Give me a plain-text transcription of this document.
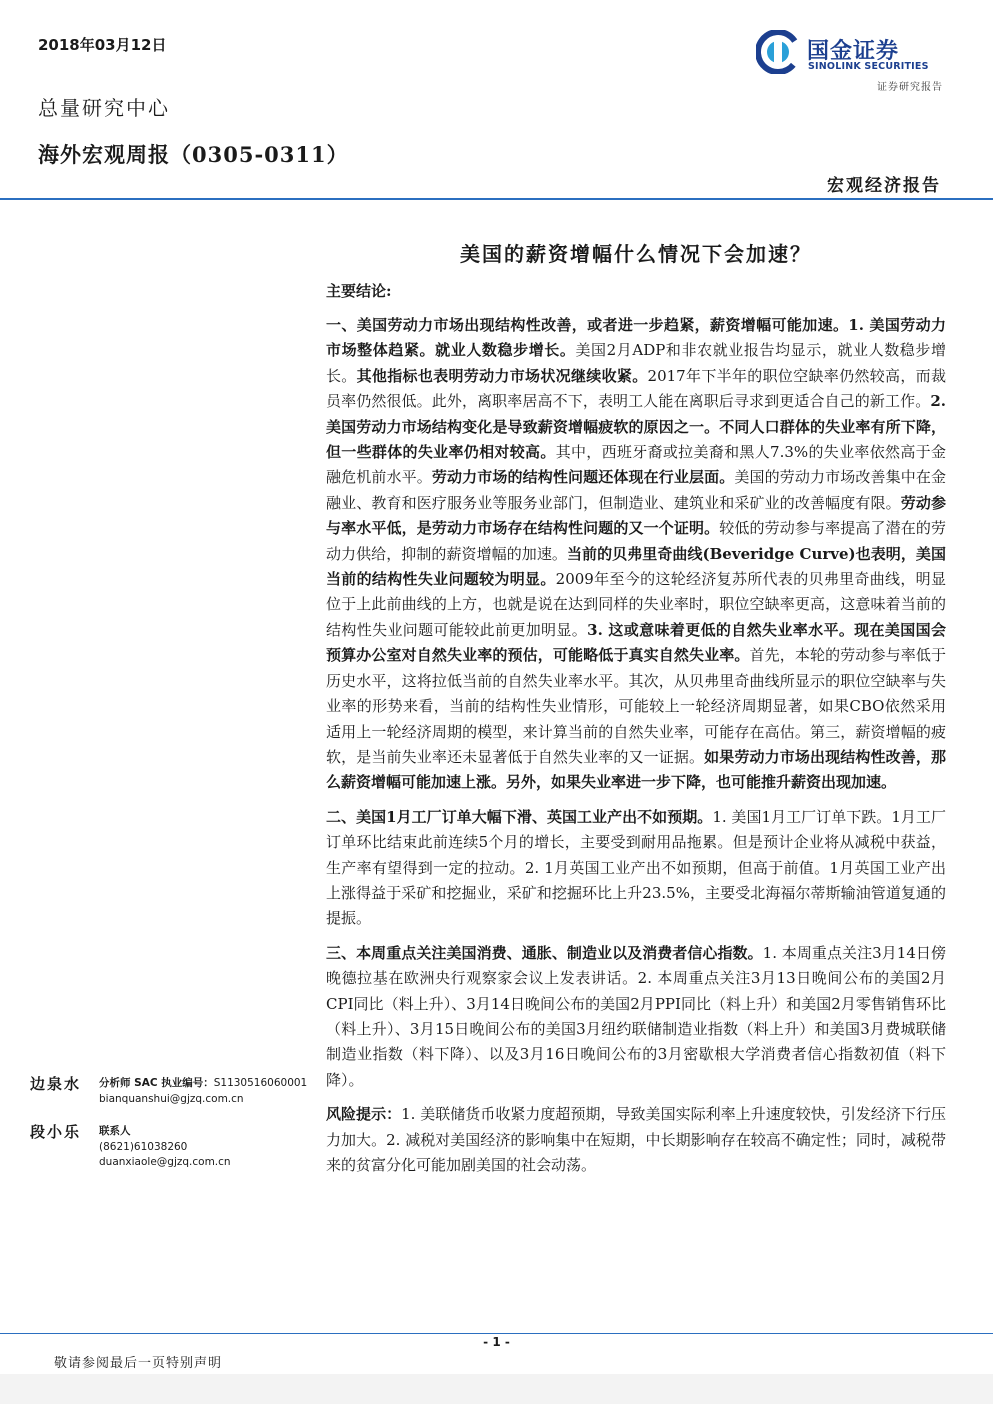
2018年03月12日
总量研究中心
海外宏观周报（0305-0311）
国金证券
SINOLINK SECURITIES
证券研究报告
宏观经济报告
美国的薪资增幅什么情况下会加速？
主要结论:

一、美国劳动力市场出现结构性改善，或者进一步趋紧，薪资增幅可能加速。1. 美国劳动力市场整体趋紧。就业人数稳步增长。美国2月ADP和非农就业报告均显示，就业人数稳步增长。其他指标也表明劳动力市场状况继续收紧。2017年下半年的职位空缺率仍然较高，而裁员率仍然很低。此外，离职率居高不下，表明工人能在离职后寻求到更适合自己的新工作。2. 美国劳动力市场结构变化是导致薪资增幅疲软的原因之一。不同人口群体的失业率有所下降，但一些群体的失业率仍相对较高。其中，西班牙裔或拉美裔和黑人7.3%的失业率依然高于金融危机前水平。劳动力市场的结构性问题还体现在行业层面。美国的劳动力市场改善集中在金融业、教育和医疗服务业等服务业部门，但制造业、建筑业和采矿业的改善幅度有限。劳动参与率水平低，是劳动力市场存在结构性问题的又一个证明。较低的劳动参与率提高了潜在的劳动力供给，抑制的薪资增幅的加速。当前的贝弗里奇曲线(Beveridge Curve)也表明，美国当前的结构性失业问题较为明显。2009年至今的这轮经济复苏所代表的贝弗里奇曲线，明显位于上此前曲线的上方，也就是说在达到同样的失业率时，职位空缺率更高，这意味着当前的结构性失业问题可能较此前更加明显。3. 这或意味着更低的自然失业率水平。现在美国国会预算办公室对自然失业率的预估，可能略低于真实自然失业率。首先，本轮的劳动参与率低于历史水平，这将拉低当前的自然失业率水平。其次，从贝弗里奇曲线所显示的职位空缺率与失业率的形势来看，当前的结构性失业情形，可能较上一轮经济周期显著，如果CBO依然采用适用上一轮经济周期的模型，来计算当前的自然失业率，可能存在高估。第三，薪资增幅的疲软，是当前失业率还未显著低于自然失业率的又一证据。如果劳动力市场出现结构性改善，那么薪资增幅可能加速上涨。另外，如果失业率进一步下降，也可能推升薪资出现加速。

二、美国1月工厂订单大幅下滑、英国工业产出不如预期。1. 美国1月工厂订单下跌。1月工厂订单环比结束此前连续5个月的增长，主要受到耐用品拖累。但是预计企业将从减税中获益，生产率有望得到一定的拉动。2. 1月英国工业产出不如预期，但高于前值。1月英国工业产出上涨得益于采矿和挖掘业，采矿和挖掘环比上升23.5%，主要受北海福尔蒂斯输油管道复通的提振。

三、本周重点关注美国消费、通胀、制造业以及消费者信心指数。1. 本周重点关注3月14日傍晚德拉基在欧洲央行观察家会议上发表讲话。2. 本周重点关注3月13日晚间公布的美国2月CPI同比（料上升）、3月14日晚间公布的美国2月PPI同比（料上升）和美国2月零售销售环比（料上升）、3月15日晚间公布的美国3月纽约联储制造业指数（料上升）和美国3月费城联储制造业指数（料下降）、以及3月16日晚间公布的3月密歇根大学消费者信心指数初值（料下降）。

风险提示：1. 美联储货币收紧力度超预期，导致美国实际利率上升速度较快，引发经济下行压力加大。2. 减税对美国经济的影响集中在短期，中长期影响存在较高不确定性；同时，减税带来的贫富分化可能加剧美国的社会动荡。

边泉水 分析师 SAC 执业编号：S1130516060001
bianquanshui@gjzq.com.cn
段小乐 联系人
(8621)61038260
duanxiaole@gjzq.com.cn
- 1 -
敬请参阅最后一页特别声明
